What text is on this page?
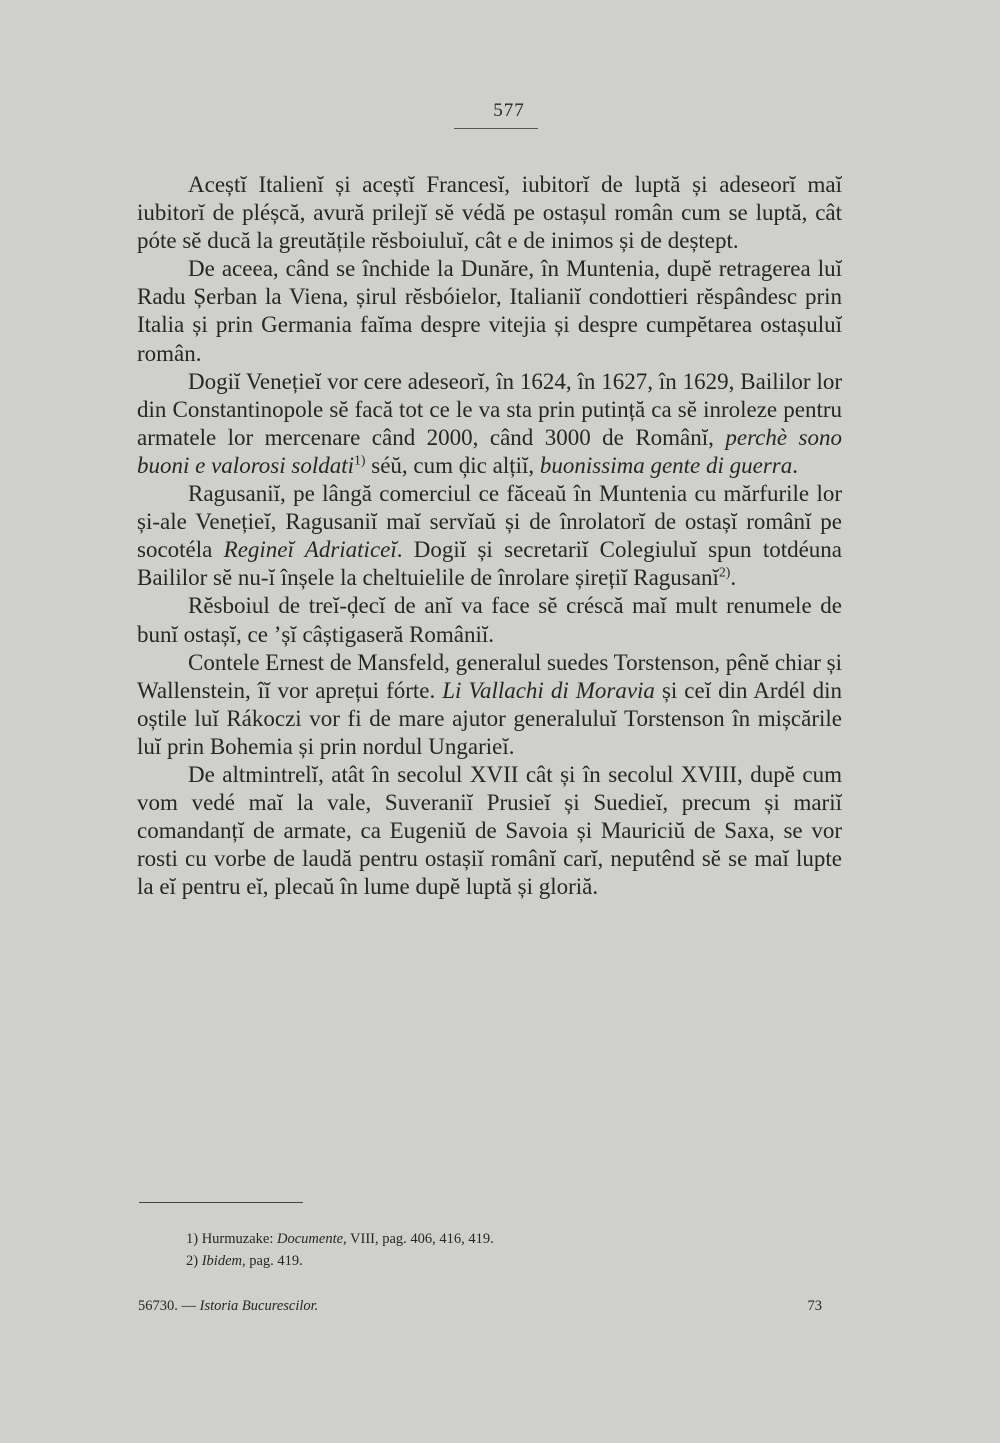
577

Aceștĭ Italienĭ și aceștĭ Francesĭ, iubitorĭ de luptă și adeseorĭ maĭ iubitorĭ de pléșcă, avură prilejĭ sĕ védă pe ostașul român cum se luptă, cât póte sĕ ducă la greutățile rĕsboiuluĭ, cât e de inimos și de deștept.

De aceea, când se închide la Dunăre, în Muntenia, dupĕ retragerea luĭ Radu Șerban la Viena, șirul rĕsbóielor, Italianiĭ condottieri rĕspândesc prin Italia și prin Germania faĭma despre vitejia și despre cumpĕtarea ostașuluĭ român.

Dogiĭ Venețieĭ vor cere adeseorĭ, în 1624, în 1627, în 1629, Baililor lor din Constantinopole sĕ facă tot ce le va sta prin putință ca sĕ inroleze pentru armatele lor mercenare când 2000, când 3000 de Românĭ, perchè sono buoni e valorosi soldati$^{1)}$ séŭ, cum ḑic alțiĭ, buonissima gente di guerra.

Ragusaniĭ, pe lângă comerciul ce făceaŭ în Muntenia cu mărfurile lor și-ale Venețieĭ, Ragusaniĭ maĭ servĭaŭ și de înrolatorĭ de ostașĭ românĭ pe socotéla Regineĭ Adriaticeĭ. Dogiĭ și secretariĭ Colegiuluĭ spun totdéuna Baililor sĕ nu-ĭ înșele la cheltuielile de înrolare șirețiĭ Ragusanĭ$^{2)}$.

Rĕsboiul de treĭ-ḑecĭ de anĭ va face sĕ créscă maĭ mult renumele de bunĭ ostașĭ, ce ’șĭ câștigaseră Româniĭ.

Contele Ernest de Mansfeld, generalul suedes Torstenson, pênĕ chiar și Wallenstein, îĭ vor aprețui fórte. Li Vallachi di Moravia și ceĭ din Ardél din oștile luĭ Rákoczi vor fi de mare ajutor generaluluĭ Torstenson în mișcările luĭ prin Bohemia și prin nordul Ungarieĭ.

De altmintrelĭ, atât în secolul XVII cât și în secolul XVIII, dupĕ cum vom vedé maĭ la vale, Suveraniĭ Prusieĭ și Suedieĭ, precum și mariĭ comandanțĭ de armate, ca Eugeniŭ de Savoia și Mauriciŭ de Saxa, se vor rosti cu vorbe de laudă pentru ostașiĭ românĭ carĭ, neputênd sĕ se maĭ lupte la eĭ pentru eĭ, plecaŭ în lume dupĕ luptă și gloriă.

1) Hurmuzake: Documente, VIII, pag. 406, 416, 419.
2) Ibidem, pag. 419.
56730. — Istoria Bucurescilor.	73
